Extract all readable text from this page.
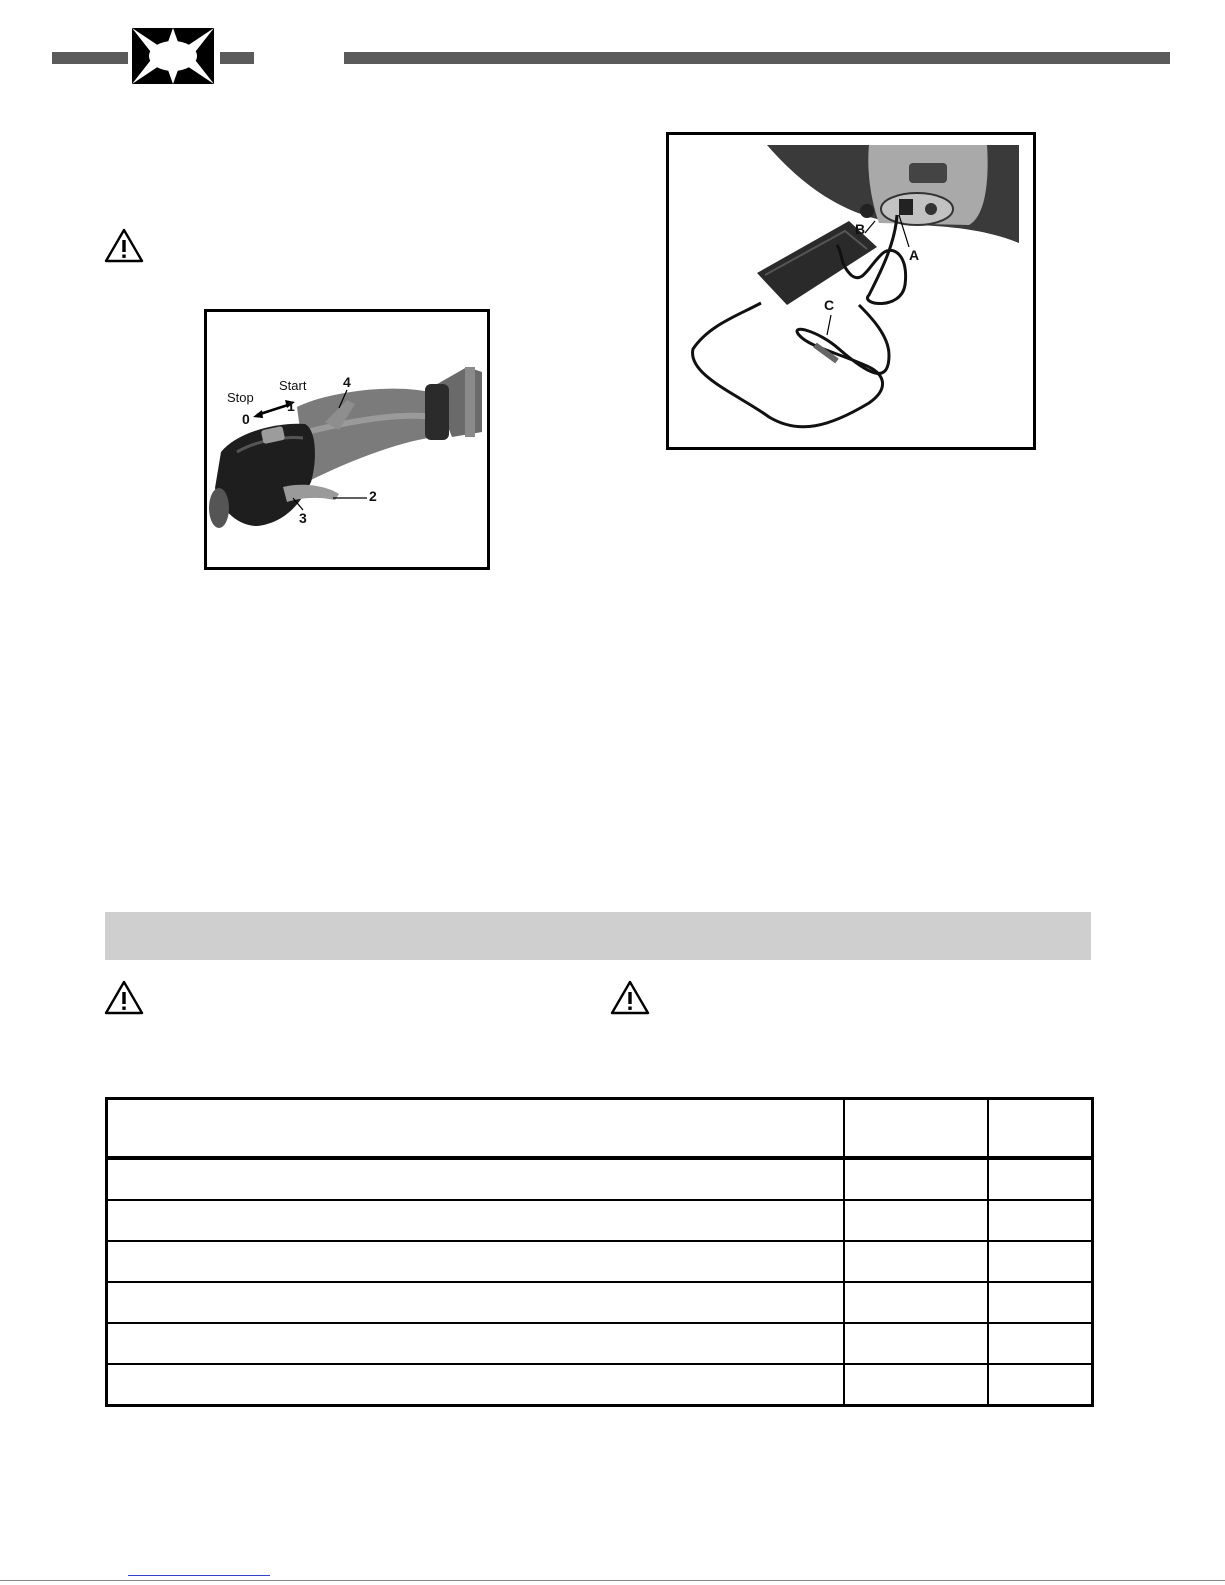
Stop
Start
0
1
4
2
3
A
B
C
